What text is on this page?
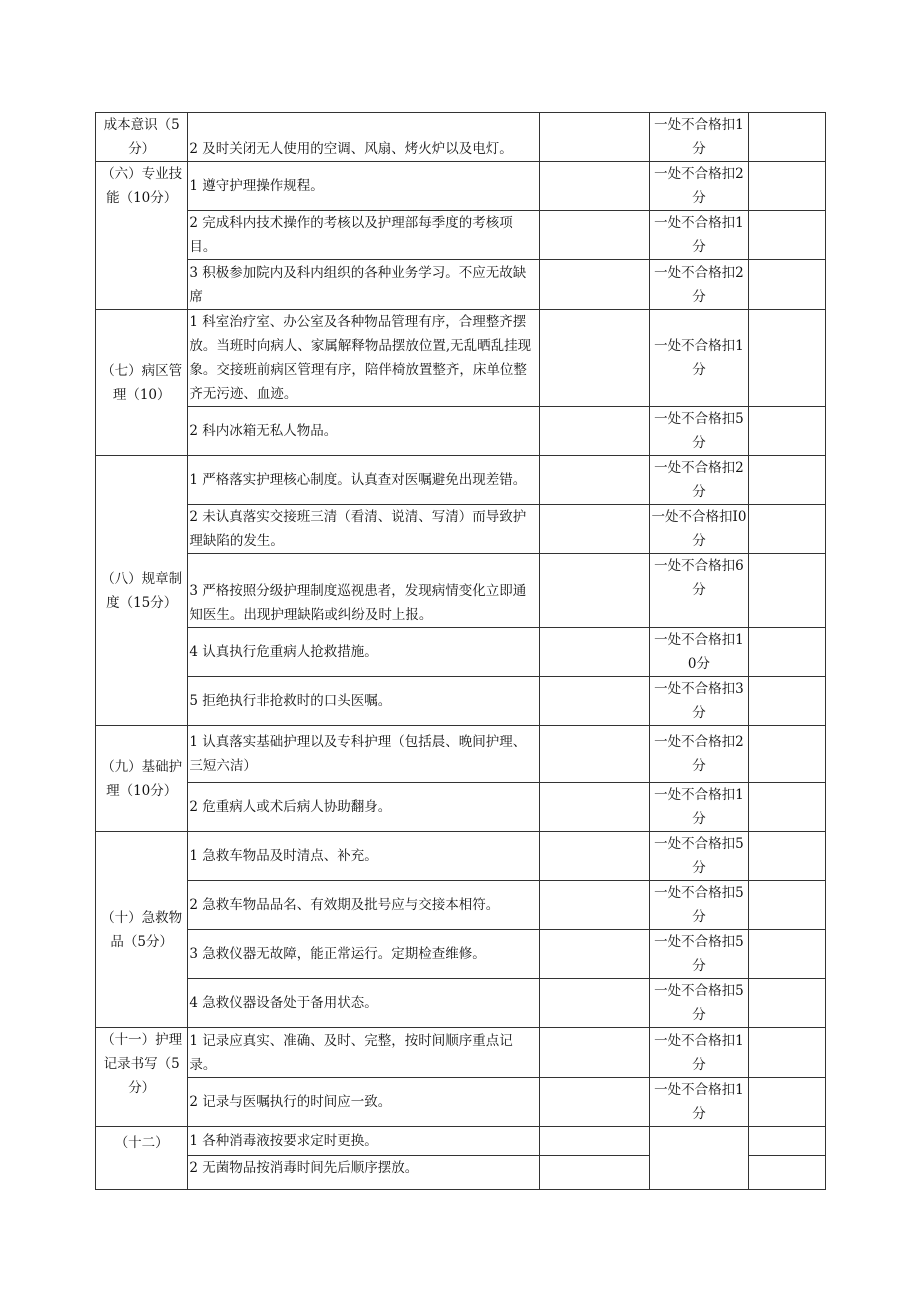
成本意识（5分）	2 及时关闭无人使用的空调、风扇、烤火炉以及电灯。		一处不合格扣1分	

（六）专业技能（10分）	1 遵守护理操作规程。		一处不合格扣2分	

	2 完成科内技术操作的考核以及护理部每季度的考核项目。		一处不合格扣1分	

	3 积极参加院内及科内组织的各种业务学习。不应无故缺席		一处不合格扣2分	

（七）病区管理（10）	1 科室治疗室、办公室及各种物品管理有序，合理整齐摆放。当班时向病人、家属解释物品摆放位置,无乱晒乱挂现象。交接班前病区管理有序，陪伴椅放置整齐，床单位整齐无污迹、血迹。		一处不合格扣1分	

	2 科内冰箱无私人物品。		一处不合格扣5分	

（八）规章制度（15分）	1 严格落实护理核心制度。认真查对医嘱避免出现差错。		一处不合格扣2分	

	2 未认真落实交接班三清（看清、说清、写清）而导致护理缺陷的发生。		一处不合格扣I0分	

	3 严格按照分级护理制度巡视患者，发现病情变化立即通知医生。出现护理缺陷或纠纷及时上报。		一处不合格扣6分	

	4 认真执行危重病人抢救措施。		一处不合格扣10分	

	5 拒绝执行非抢救时的口头医嘱。		一处不合格扣3分	

（九）基础护理（10分）	1 认真落实基础护理以及专科护理（包括晨、晚间护理、三短六洁）		一处不合格扣2分	

	2 危重病人或术后病人协助翻身。		一处不合格扣1分	

（十）急救物品（5分）	1 急救车物品及时清点、补充。		一处不合格扣5分	

	2 急救车物品品名、有效期及批号应与交接本相符。		一处不合格扣5分	

	3 急救仪器无故障，能正常运行。定期检查维修。		一处不合格扣5分	

	4 急救仪器设备处于备用状态。		一处不合格扣5分	

（十一）护理记录书写（5分）	1 记录应真实、准确、及时、完整，按时间顺序重点记录。		一处不合格扣1分	

	2 记录与医嘱执行的时间应一致。		一处不合格扣1分	

（十二）	1 各种消毒液按要求定时更换。			

	2 无菌物品按消毒时间先后顺序摆放。			
